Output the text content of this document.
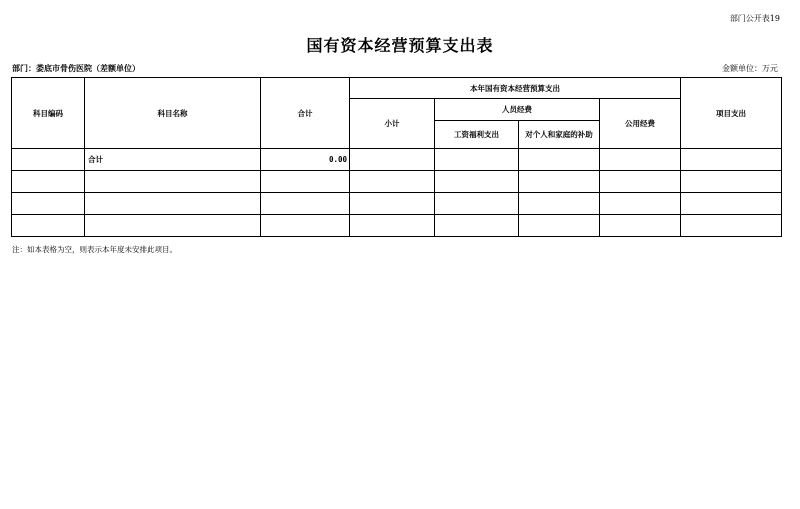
部门公开表19
国有资本经营预算支出表
部门：娄底市骨伤医院（差额单位）	金额单位：万元
科目编码	科目名称	合计	本年国有资本经营预算支出				项目支出
			小计	人员经费		公用经费	
				工资福利支出	对个人和家庭的补助		
	合计	0.00					

注：如本表格为空，则表示本年度未安排此项目。
